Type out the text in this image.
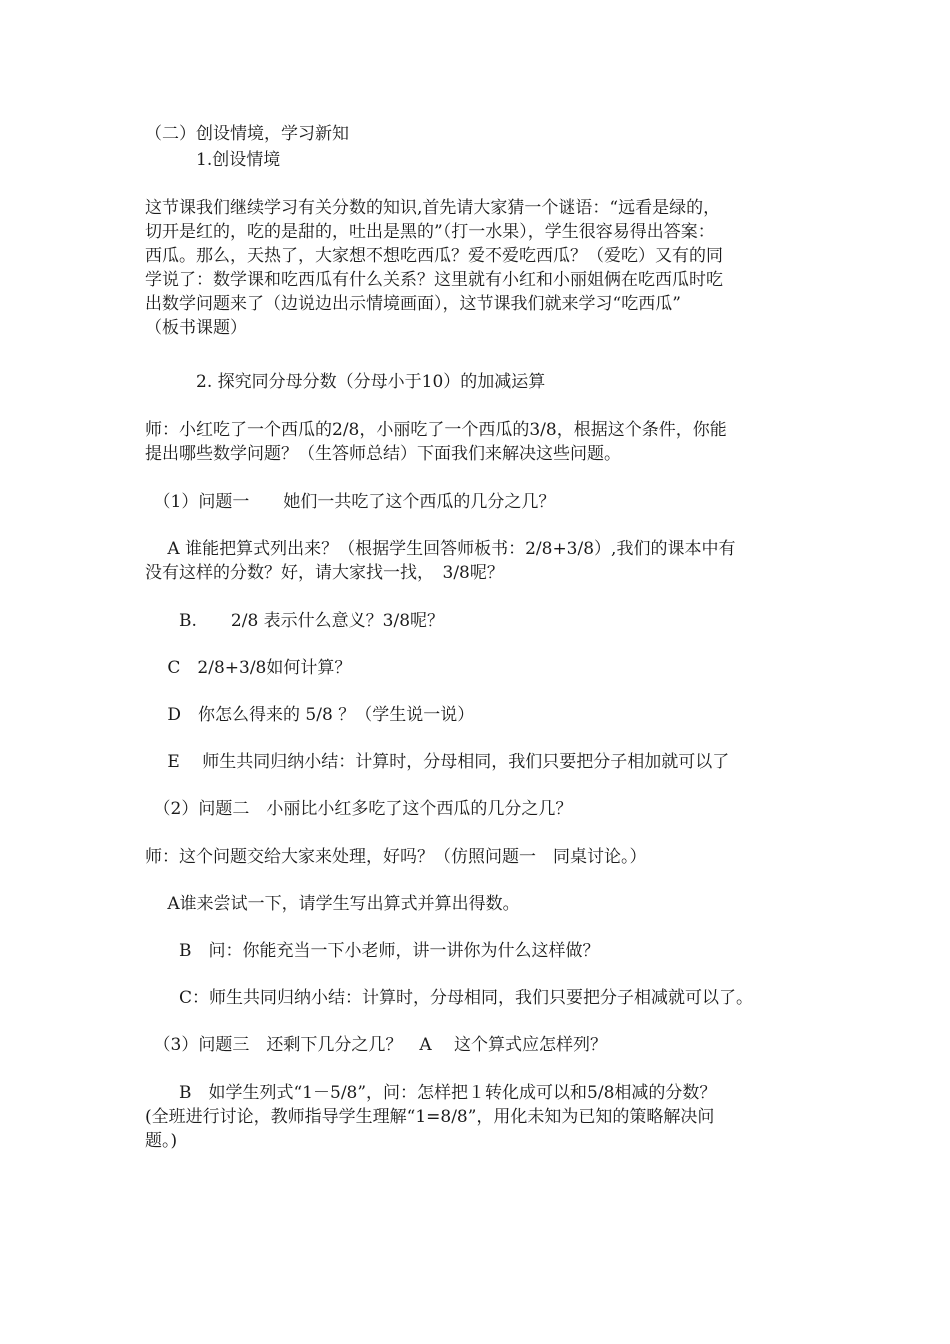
（二）创设情境，学习新知
　　　1.创设情境
这节课我们继续学习有关分数的知识,首先请大家猜一个谜语：“远看是绿的，
切开是红的，吃的是甜的，吐出是黑的”（打一水果），学生很容易得出答案：
西瓜。那么，天热了，大家想不想吃西瓜？爱不爱吃西瓜？（爱吃）又有的同
学说了：数学课和吃西瓜有什么关系？这里就有小红和小丽姐俩在吃西瓜时吃
出数学问题来了（边说边出示情境画面），这节课我们就来学习“吃西瓜”
（板书课题）
　　　2. 探究同分母分数（分母小于10）的加减运算
师：小红吃了一个西瓜的2/8，小丽吃了一个西瓜的3/8，根据这个条件，你能
提出哪些数学问题？（生答师总结）下面我们来解决这些问题。
　（1）问题一　　她们一共吃了这个西瓜的几分之几？
　 A 谁能把算式列出来？（根据学生回答师板书：2/8+3/8）,我们的课本中有
没有这样的分数？好，请大家找一找，　3/8呢？
　　B.　　2/8 表示什么意义？3/8呢？
　 C　2/8+3/8如何计算？
　 D　你怎么得来的 5/8 ？（学生说一说）
　 E　 师生共同归纳小结：计算时，分母相同，我们只要把分子相加就可以了
　（2）问题二　小丽比小红多吃了这个西瓜的几分之几？
师：这个问题交给大家来处理，好吗？（仿照问题一　同桌讨论。）
　 A谁来尝试一下，请学生写出算式并算出得数。
　　B　问：你能充当一下小老师，讲一讲你为什么这样做？
　　C：师生共同归纳小结：计算时，分母相同，我们只要把分子相减就可以了。
　（3）问题三　还剩下几分之几？　A　 这个算式应怎样列？
　　B　如学生列式“1－5/8”，问：怎样把１转化成可以和5/8相减的分数？
(全班进行讨论，教师指导学生理解“1=8/8”，用化未知为已知的策略解决问
题。)
